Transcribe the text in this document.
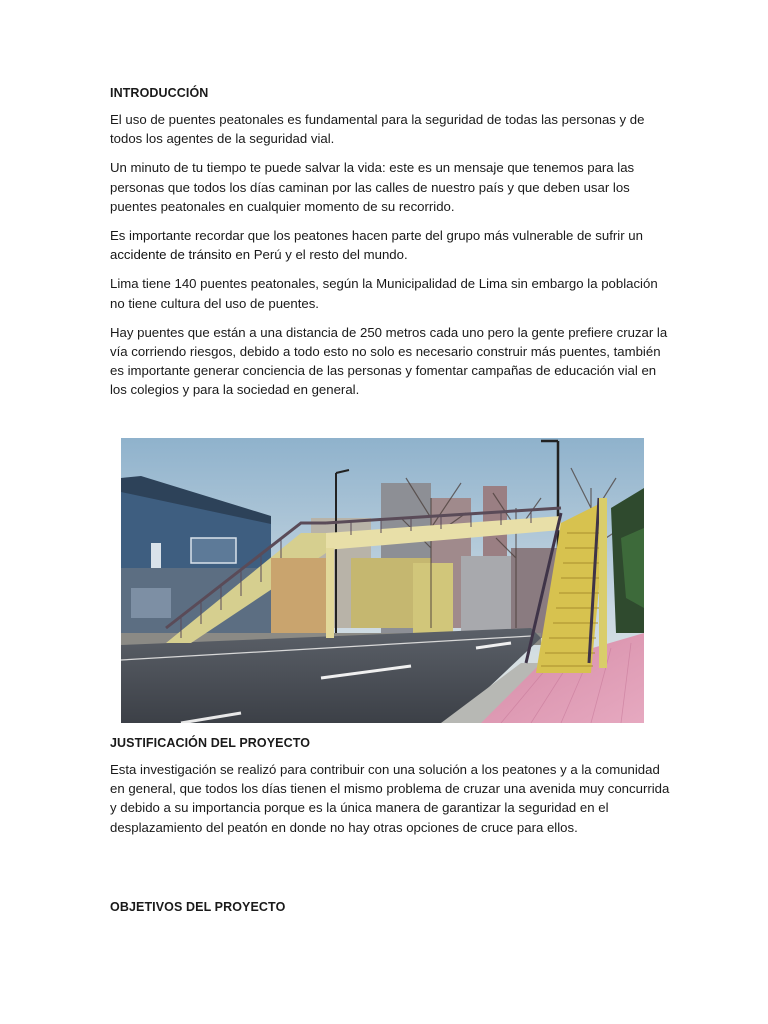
INTRODUCCIÓN

El uso de puentes peatonales es fundamental para la seguridad de todas las personas y de todos los agentes de la seguridad vial.

Un minuto de tu tiempo te puede salvar la vida: este es un mensaje que tenemos para las personas que todos los días caminan por las calles de nuestro país y que deben usar los puentes peatonales en cualquier momento de su recorrido.

Es importante recordar que los peatones hacen parte del grupo más vulnerable de sufrir un accidente de tránsito en Perú y el resto del mundo.

Lima tiene 140 puentes peatonales, según la Municipalidad de Lima sin embargo la población no tiene cultura del uso de puentes.

Hay puentes que están a una distancia de 250 metros cada uno pero la gente prefiere cruzar la vía corriendo riesgos, debido a todo esto no solo es necesario construir más puentes, también es importante generar conciencia de las personas y fomentar campañas de educación vial en los colegios y para la sociedad en general.

JUSTIFICACIÓN DEL PROYECTO

Esta investigación se realizó para contribuir con una solución a los peatones y a la comunidad en general, que todos los días tienen el mismo problema de cruzar una avenida muy concurrida y debido a su importancia porque es la única manera de garantizar la seguridad en el desplazamiento del peatón en donde no hay otras opciones de cruce para ellos.

OBJETIVOS DEL PROYECTO
